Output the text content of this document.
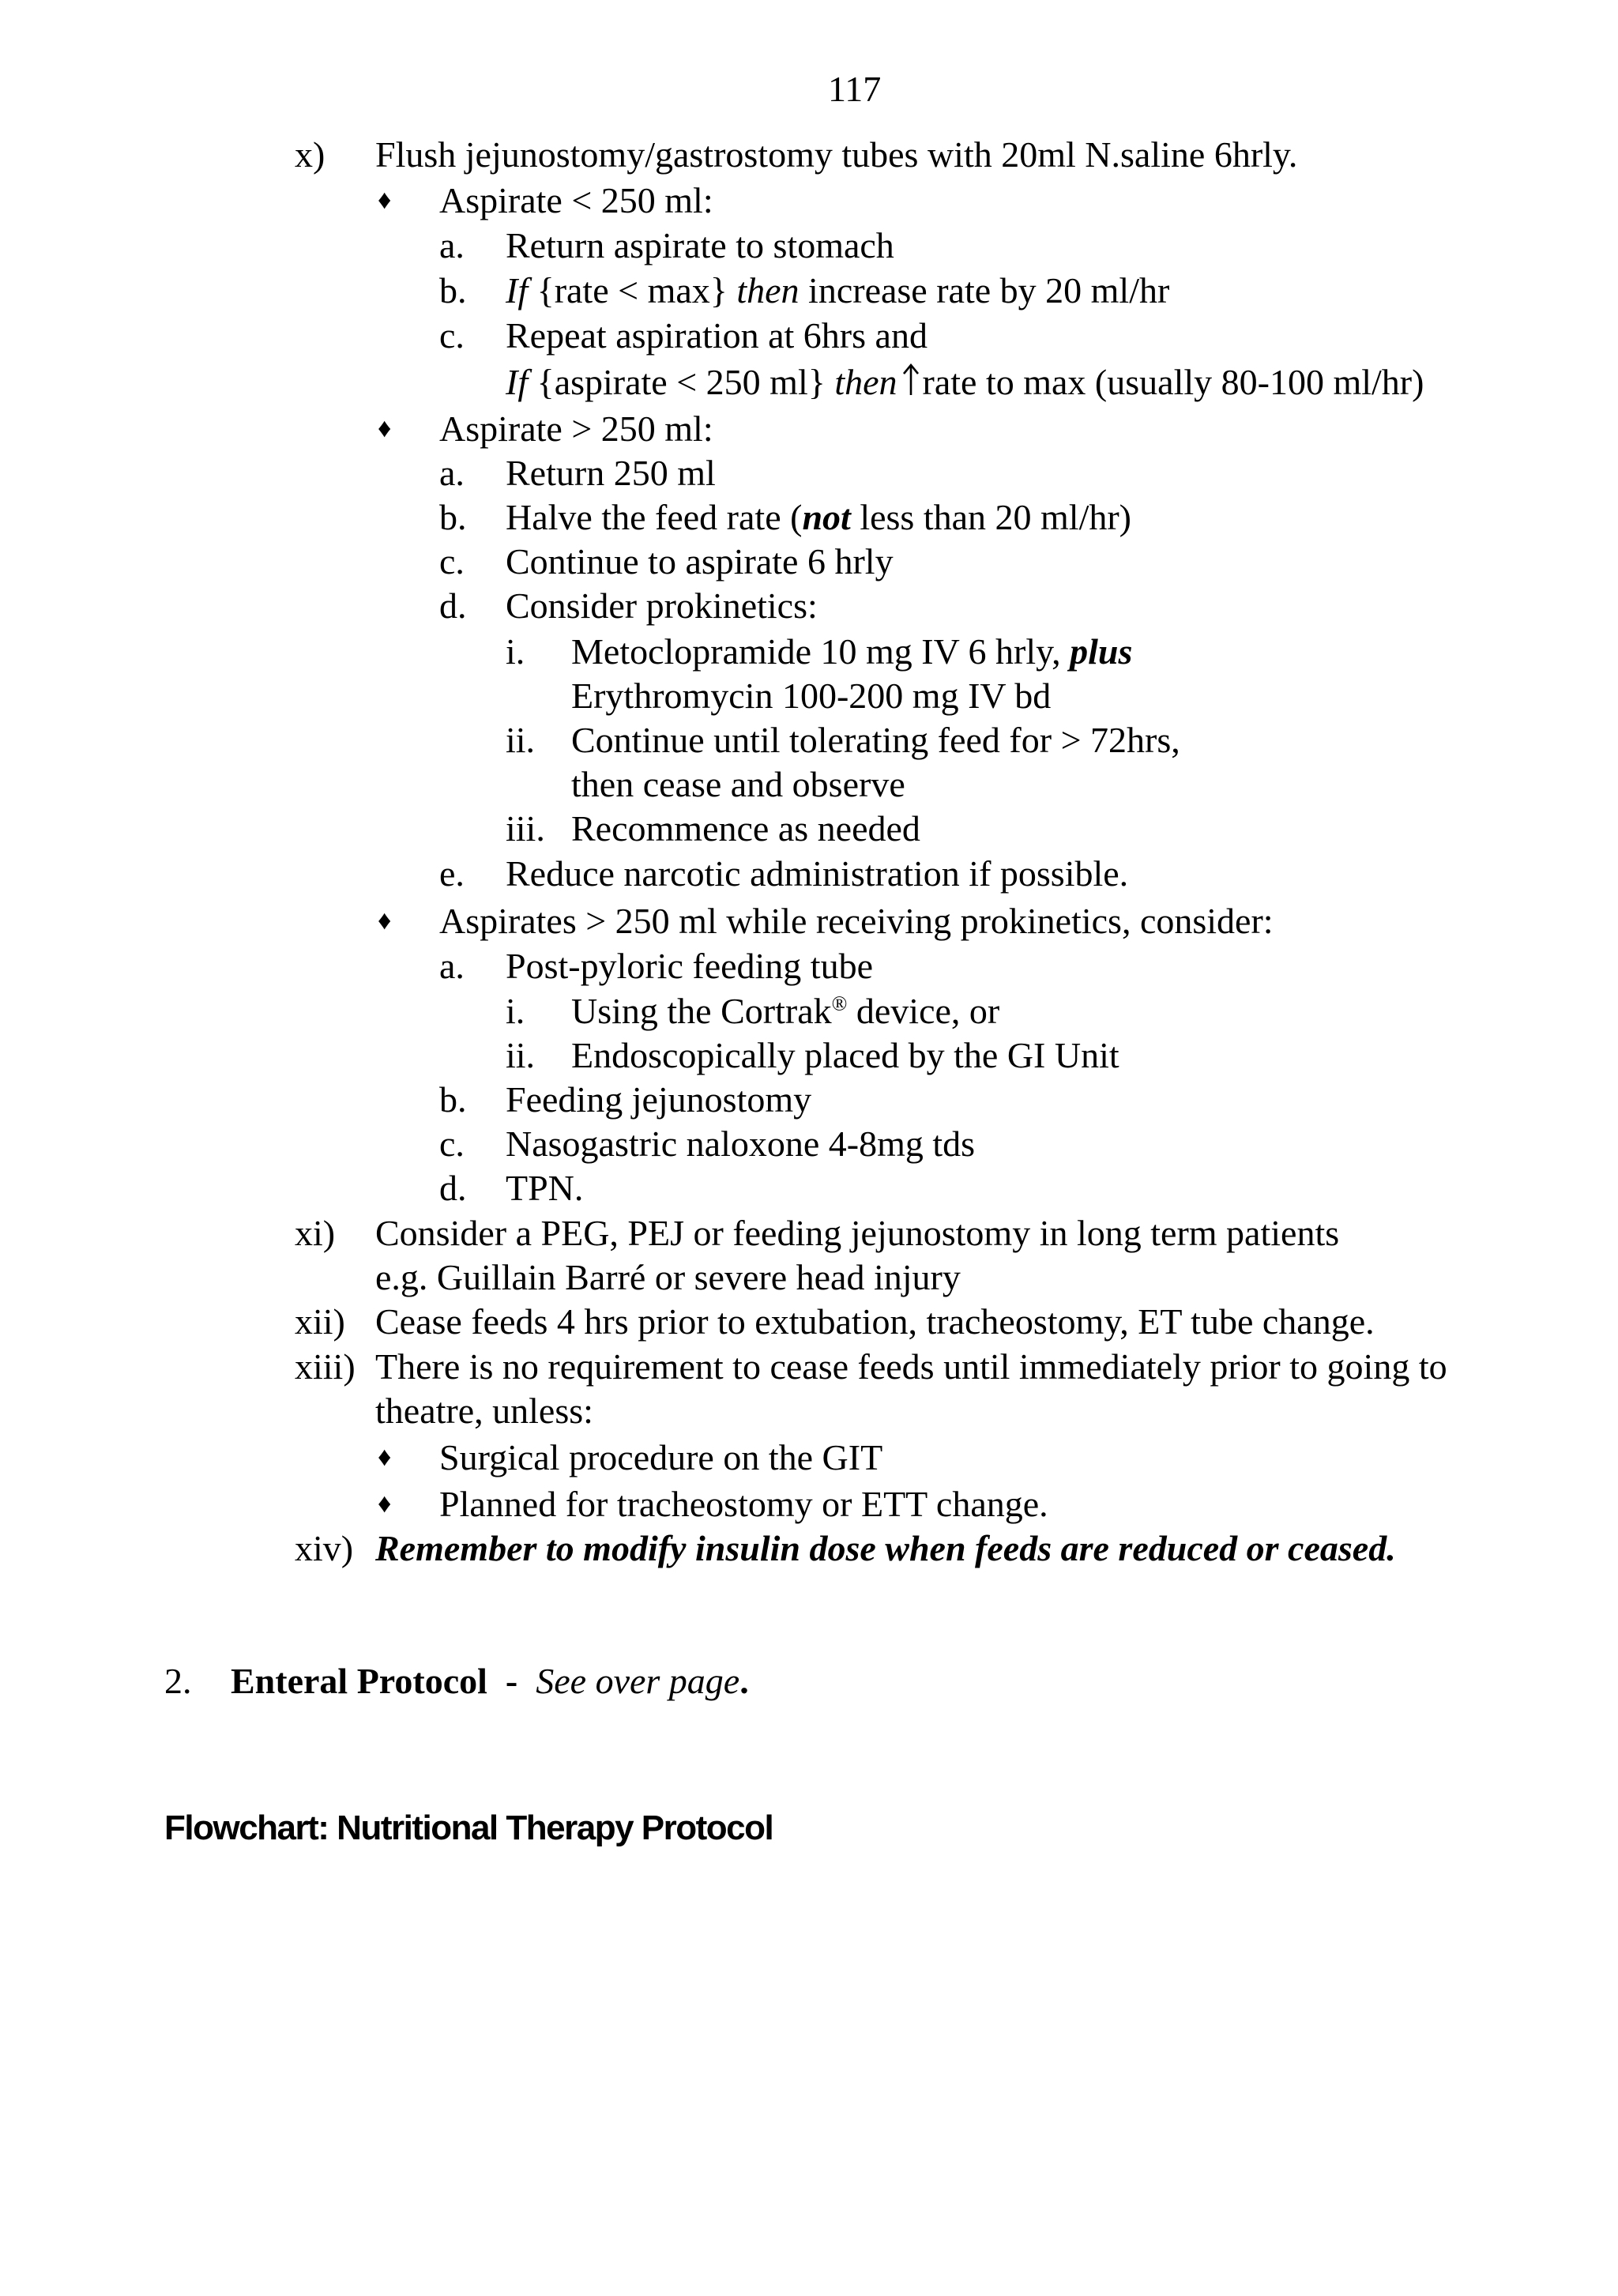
117
x) Flush jejunostomy/gastrostomy tubes with 20ml N.saline 6hrly.
♦ Aspirate < 250 ml:
a. Return aspirate to stomach
b. If {rate < max} then increase rate by 20 ml/hr
c. Repeat aspiration at 6hrs and
If {aspirate < 250 ml} then rate to max (usually 80-100 ml/hr)
♦ Aspirate > 250 ml:
a. Return 250 ml
b. Halve the feed rate (not less than 20 ml/hr)
c. Continue to aspirate 6 hrly
d. Consider prokinetics:
i. Metoclopramide 10 mg IV 6 hrly, plus
Erythromycin 100-200 mg IV bd
ii. Continue until tolerating feed for > 72hrs,
then cease and observe
iii. Recommence as needed
e. Reduce narcotic administration if possible.
♦ Aspirates > 250 ml while receiving prokinetics, consider:
a. Post-pyloric feeding tube
i. Using the Cortrak® device, or
ii. Endoscopically placed by the GI Unit
b. Feeding jejunostomy
c. Nasogastric naloxone 4-8mg tds
d. TPN.
xi) Consider a PEG, PEJ or feeding jejunostomy in long term patients
e.g. Guillain Barré or severe head injury
xii) Cease feeds 4 hrs prior to extubation, tracheostomy, ET tube change.
xiii) There is no requirement to cease feeds until immediately prior to going to
theatre, unless:
♦ Surgical procedure on the GIT
♦ Planned for tracheostomy or ETT change.
xiv) Remember to modify insulin dose when feeds are reduced or ceased.
2. Enteral Protocol  -  See over page.
Flowchart: Nutritional Therapy Protocol
